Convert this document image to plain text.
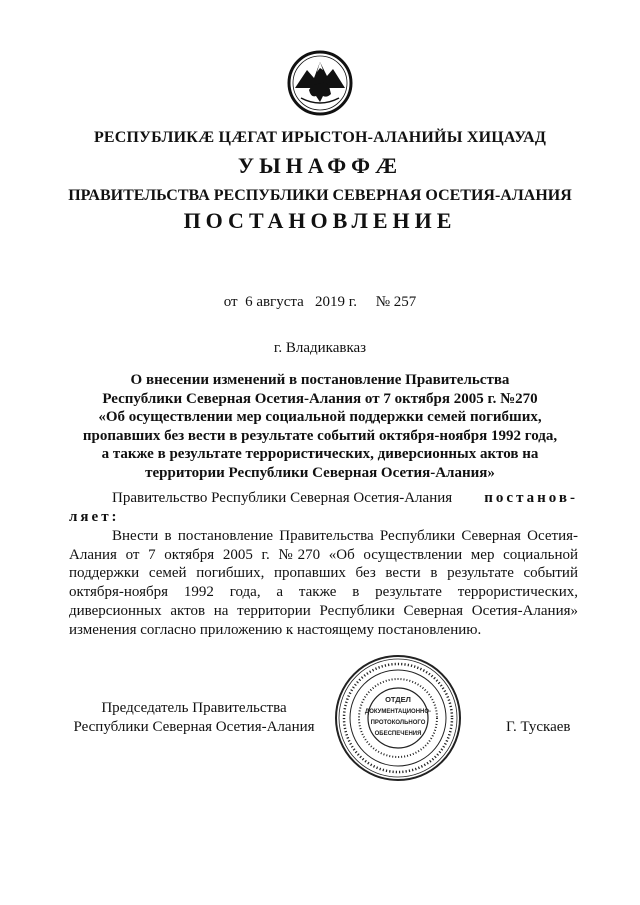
РЕСПУБЛИКÆ ЦÆГАТ ИРЫСТОН-АЛАНИЙЫ ХИЦАУАД
УЫНАФФÆ
ПРАВИТЕЛЬСТВА РЕСПУБЛИКИ СЕВЕРНАЯ ОСЕТИЯ-АЛАНИЯ
ПОСТАНОВЛЕНИЕ
от 6 августа 2019 г. № 257
г. Владикавказ
О внесении изменений в постановление Правительства
Республики Северная Осетия-Алания от 7 октября 2005 г. №270
«Об осуществлении мер социальной поддержки семей погибших,
пропавших без вести в результате событий октября-ноября 1992 года,
а также в результате террористических, диверсионных актов на
территории Республики Северная Осетия-Алания»
Правительство Республики Северная Осетия-Алания постанов-
ляет:
Внести в постановление Правительства Республики Северная Осетия-Алания от 7 октября 2005 г. №270 «Об осуществлении мер социальной поддержки семей погибших, пропавших без вести в результате событий октября-ноября 1992 года, а также в результате террористических, диверсионных актов на территории Республики Северная Осетия-Алания» изменения согласно приложению к настоящему постановлению.
Председатель Правительства
Республики Северная Осетия-Алания
ОТДЕЛ
ДОКУМЕНТАЦИОННО-
ПРОТОКОЛЬНОГО
ОБЕСПЕЧЕНИЯ	Г. Тускаев
